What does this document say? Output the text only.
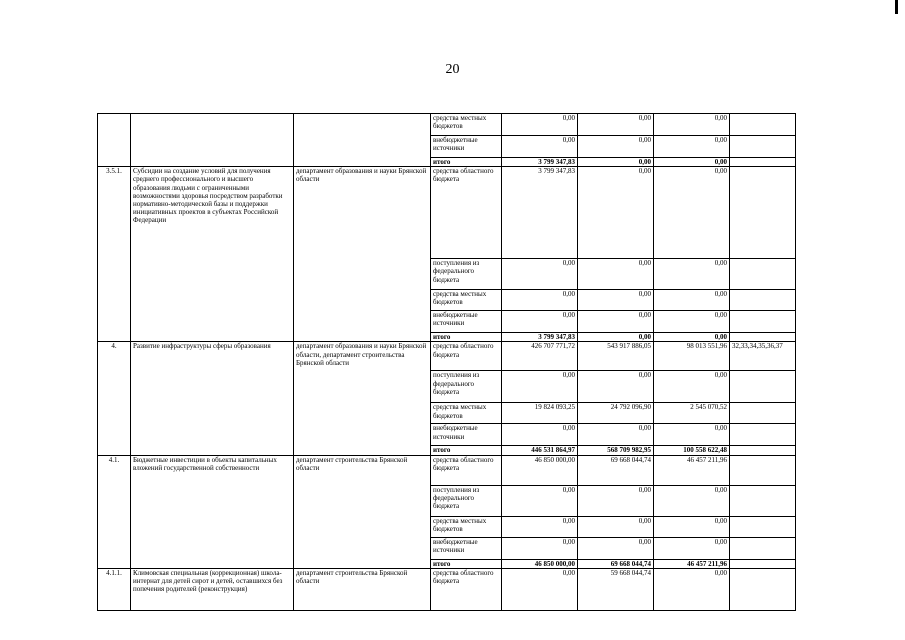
20
			средства местных бюджетов	0,00	0,00	0,00	
			внебюджетные источники	0,00	0,00	0,00	
			итого	3 799 347,83	0,00	0,00	
3.5.1.	Субсидии на создание условий для получения среднего профессионального и высшего образования людьми с ограниченными возможностями здоровья посредством разработки нормативно-методической базы и поддержки инициативных проектов в субъектах Российской Федерации	департамент образования и науки Брянской области	средства областного бюджета	3 799 347,83	0,00	0,00	
			поступления из федерального бюджета	0,00	0,00	0,00	
			средства местных бюджетов	0,00	0,00	0,00	
			внебюджетные источники	0,00	0,00	0,00	
			итого	3 799 347,83	0,00	0,00	
4.	Развитие инфраструктуры сферы образования	департамент образования и науки Брянской области, департамент строительства Брянской области	средства областного бюджета	426 707 771,72	543 917 886,05	98 013 551,96	32,33,34,35,36,37
			поступления из федерального бюджета	0,00	0,00	0,00	
			средства местных бюджетов	19 824 093,25	24 792 096,90	2 545 070,52	
			внебюджетные источники	0,00	0,00	0,00	
			итого	446 531 864,97	568 709 982,95	100 558 622,48	
4.1.	Бюджетные инвестиции в объекты капитальных вложений государственной собственности	департамент строительства Брянской области	средства областного бюджета	46 850 000,00	69 668 044,74	46 457 211,96	
			поступления из федерального бюджета	0,00	0,00	0,00	
			средства местных бюджетов	0,00	0,00	0,00	
			внебюджетные источники	0,00	0,00	0,00	
			итого	46 850 000,00	69 668 044,74	46 457 211,96	
4.1.1.	Климовская специальная (коррекционная) школа-интернат для детей сирот и детей, оставшихся без попечения родителей (реконструкция)	департамент строительства Брянской области	средства областного бюджета	0,00	59 668 044,74	0,00	
